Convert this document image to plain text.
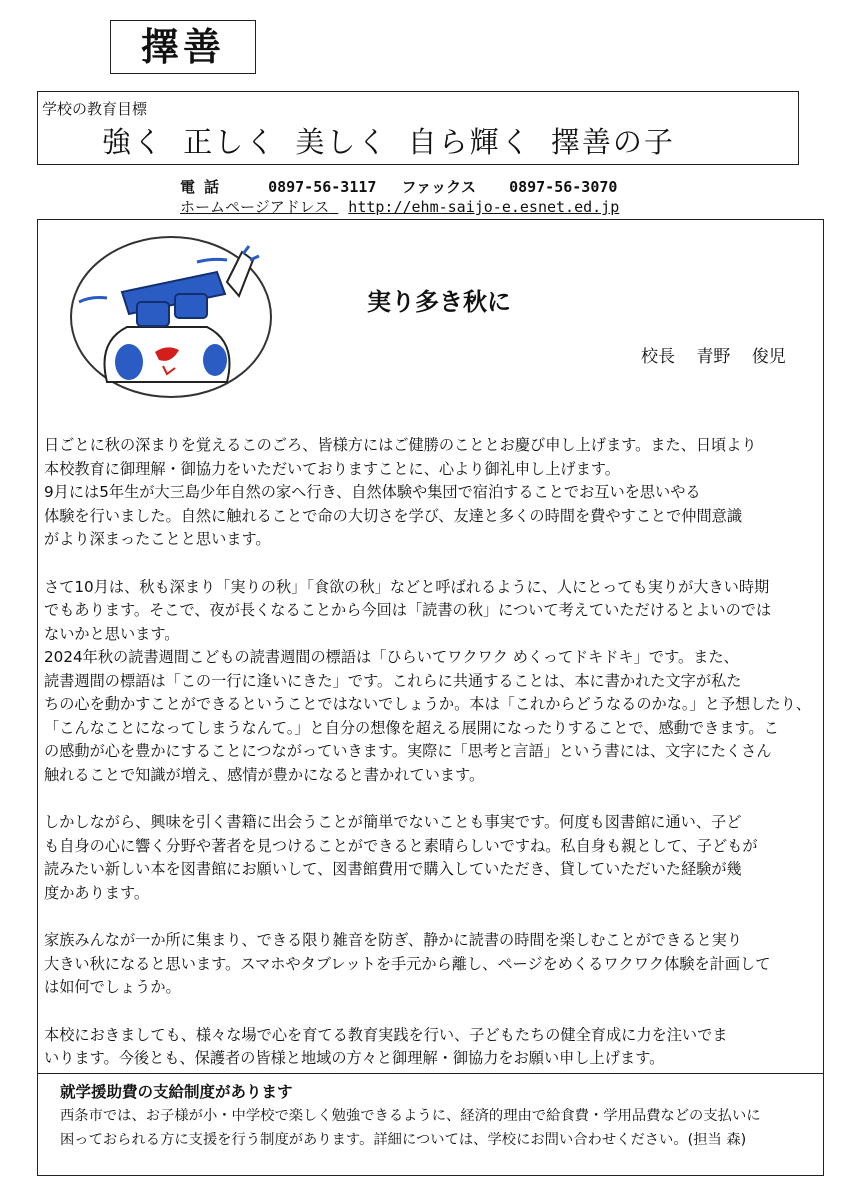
擇善
学校の教育目標
強く 正しく 美しく 自ら輝く 擇善の子
電 話	0897-56-3117 ファックス 0897-56-3070
ホームページアドレス http://ehm-saijo-e.esnet.ed.jp
実り多き秋に
校長 青野 俊児

日ごとに秋の深まりを覚えるこのごろ、皆様方にはご健勝のこととお慶び申し上げます。また、日頃より

本校教育に御理解・御協力をいただいておりますことに、心より御礼申し上げます。

9月には5年生が大三島少年自然の家へ行き、自然体験や集団で宿泊することでお互いを思いやる

体験を行いました。自然に触れることで命の大切さを学び、友達と多くの時間を費やすことで仲間意識

がより深まったことと思います。

さて10月は、秋も深まり「実りの秋」「食欲の秋」などと呼ばれるように、人にとっても実りが大きい時期

でもあります。そこで、夜が長くなることから今回は「読書の秋」について考えていただけるとよいのでは

ないかと思います。

2024年秋の読書週間こどもの読書週間の標語は「ひらいてワクワク めくってドキドキ」です。また、

読書週間の標語は「この一行に逢いにきた」です。これらに共通することは、本に書かれた文字が私た

ちの心を動かすことができるということではないでしょうか。本は「これからどうなるのかな。」と予想したり、

「こんなことになってしまうなんて。」と自分の想像を超える展開になったりすることで、感動できます。こ

の感動が心を豊かにすることにつながっていきます。実際に「思考と言語」という書には、文字にたくさん

触れることで知識が増え、感情が豊かになると書かれています。

しかしながら、興味を引く書籍に出会うことが簡単でないことも事実です。何度も図書館に通い、子ど

も自身の心に響く分野や著者を見つけることができると素晴らしいですね。私自身も親として、子どもが

読みたい新しい本を図書館にお願いして、図書館費用で購入していただき、貸していただいた経験が幾

度かあります。

家族みんなが一か所に集まり、できる限り雑音を防ぎ、静かに読書の時間を楽しむことができると実り

大きい秋になると思います。スマホやタブレットを手元から離し、ページをめくるワクワク体験を計画して

は如何でしょうか。

本校におきましても、様々な場で心を育てる教育実践を行い、子どもたちの健全育成に力を注いでま

いります。今後とも、保護者の皆様と地域の方々と御理解・御協力をお願い申し上げます。

就学援助費の支給制度があります

西条市では、お子様が小・中学校で楽しく勉強できるように、経済的理由で給食費・学用品費などの支払いに

困っておられる方に支援を行う制度があります。詳細については、学校にお問い合わせください。(担当 森)
